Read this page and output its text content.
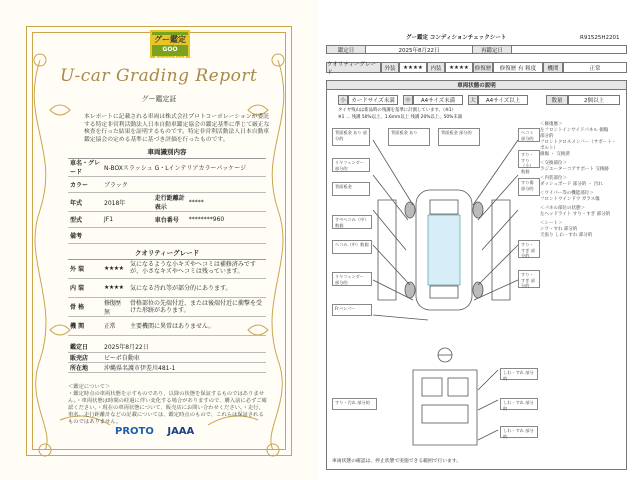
グー鑑定
GOO Appraisal
U-car Grading Report
グー鑑定証
本レポートに記載される車両は株式会社プロトコーポレーションが委託する特定非営利活動法人日本自動車鑑定協会の鑑定基準に準じて厳正な検査を行った結果を証明するものです。特定非営利活動法人日本自動車鑑定協会の定める基準に基づき評価を行ったものです。
車両識別内容
車名・グレード	N-BOXスラッシュ G・Lインテリアカラーパッケージ		
カラー	ブラック		
年式	2018年	走行距離計表示	*****
型式	JF1	車台番号	********960
備考			
クオリティーグレード
外 装	★★★★	気になるような小キズやヘコミは補修済みですが、小さなキズやヘコミは残っています。
内 装	★★★★	気になる汚れ等が部分的にあります。
骨 格	修復歴 無	骨格部位の先端付近、または後端付近に衝撃を受けた形跡があります。
機 関	正常	主要機関に異常はありません。
鑑定日	2025年8月22日
販売店	ビーポ自動車
所在地	沖縄県名護市伊差川481-1
＜鑑定について＞
・鑑定時点の車両状態を示すものであり、以降の状態を保証するものではありません。・車両状態は時間の経過に伴い変化する場合がありますので、購入前に必ずご確認ください。・現在の車両状態について、販売店にお問い合わせください。・走行、車名、走行距離計などの記載については、鑑定時点のもので、これらは保証されるものではありません。
PROTO JAAA
R91525H2201
グー鑑定 コンディションチェックシート
鑑定日	2025年8月22日	再鑑定日
クオリティーグレード
外装	★★★★	内装	★★★★	修復歴	修復歴 有 粗度	機関	正常
車両状態の説明
小 カードサイズ未満	中	A4サイズ未満	大	A4サイズ以上	数量	2個以上
タイヤ残山は新品時の残溝を基準に計測しています。（※1）
※1 … 残溝 50%以上、1.6mm以上 残溝 20%以上、50%未満
背面板金 あり 部分的
リヤフェンダー 部分的
背面板金
すぺヘコみ（中）数個
ヘコみ（中）数個
リヤフェンダー 部分的
Frバンパー
背面板金 あり	背面板金 部分的	ヘコミ 部分的
すり・すり（小）数個
すり傷 部分的
すり・すぎ 部分的
すり・すぎ 部分的
すり・汚れ 部分的
しわ・すれ 部分的
しわ・すれ 部分的
しわ・すれ 部分的
＜修復歴＞
左フロントインサイドパネル 損傷
部分的
フロントクロスメンバー（サポート・ボルト）
損傷 ・ 交換済
＜交換部位＞
ラジエーターコアサポート 交換跡
＜内装部位＞
ダッシュボード 部分的 ・ 汚れ
＜ワイパー等の機能部位＞
フロントウインドウ ガラス傷
＜パネル部位の状態＞
左ヘッドライト すり・すぎ 部分的
＜シート＞
シワ・すれ 部分的
天張り しわ・すれ 部分的
車両状態の確認は、停止状態で実施できる範囲で行います。
